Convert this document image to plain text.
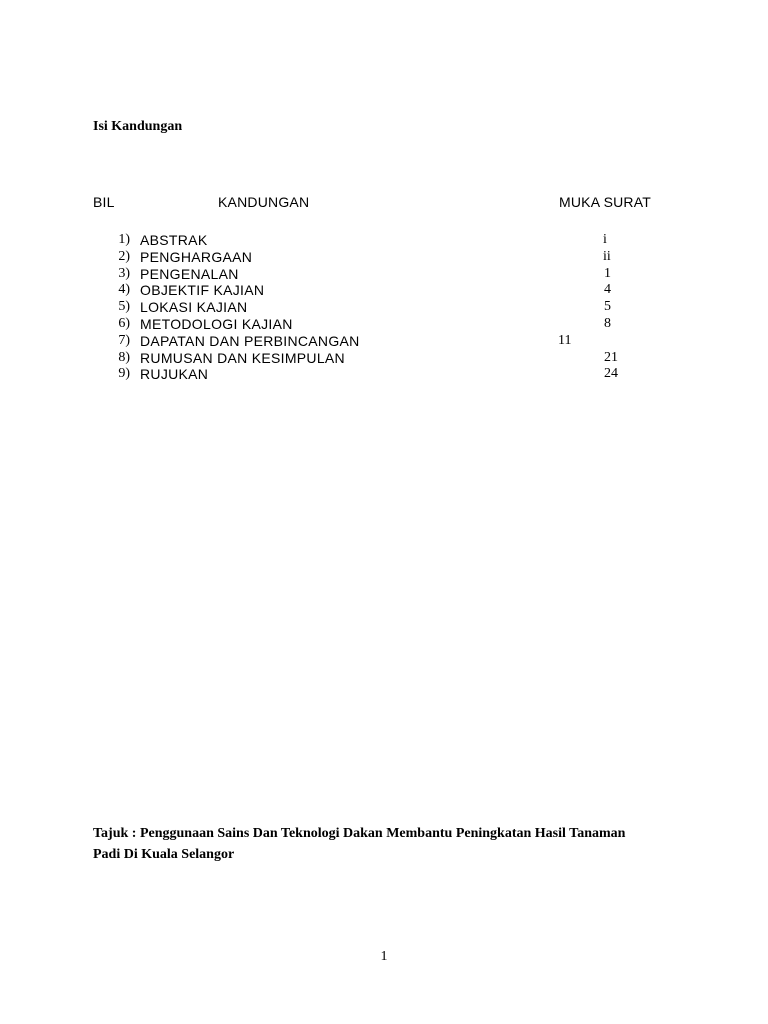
Isi Kandungan
BIL	KANDUNGAN	MUKA SURAT
1) ABSTRAK	i
2) PENGHARGAAN	ii
3) PENGENALAN	1
4) OBJEKTIF KAJIAN	4
5) LOKASI KAJIAN	5
6) METODOLOGI KAJIAN	8
7) DAPATAN DAN PERBINCANGAN	11
8) RUMUSAN DAN KESIMPULAN	21
9) RUJUKAN	24
Tajuk : Penggunaan Sains Dan Teknologi Dakan Membantu Peningkatan Hasil Tanaman Padi Di Kuala Selangor
1
